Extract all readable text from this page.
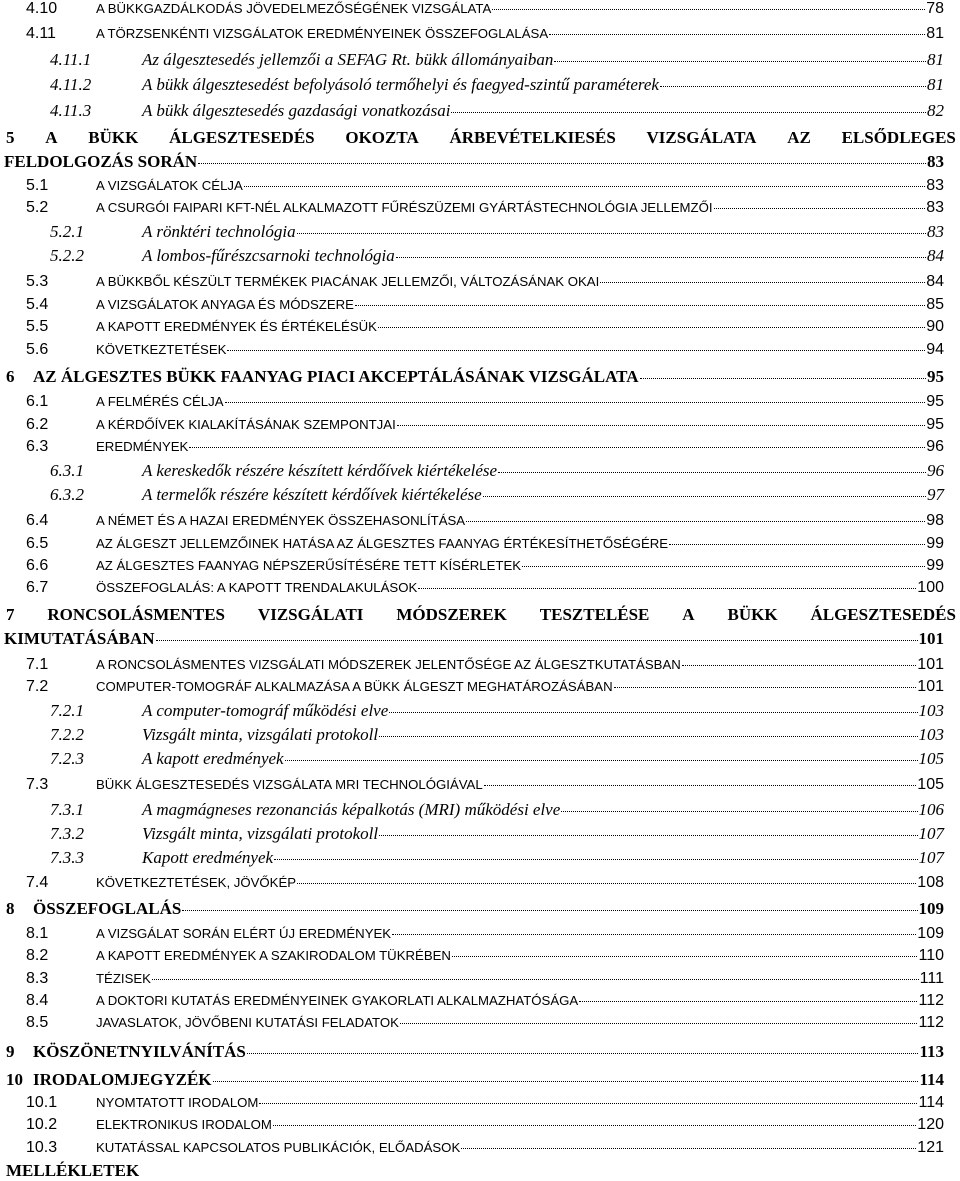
4.10	A BÜKKGAZDÁLKODÁS JÖVEDELMEZŐSÉGÉNEK VIZSGÁLATA	78
4.11	A TÖRZSENKÉNTI VIZSGÁLATOK EREDMÉNYEINEK ÖSSZEFOGLALÁSA	81
4.11.1	Az álgesztesedés jellemzői a SEFAG Rt. bükk állományaiban	81
4.11.2	A bükk álgesztesedést befolyásoló termőhelyi és faegyed-szintű paraméterek	81
4.11.3	A bükk álgesztesedés gazdasági vonatkozásai	82
5 A BÜKK ÁLGESZTESEDÉS OKOZTA ÁRBEVÉTELKIESÉS VIZSGÁLATA AZ ELSŐDLEGES
FELDOLGOZÁS SORÁN	83
5.1	A VIZSGÁLATOK CÉLJA	83
5.2	A CSURGÓI FAIPARI KFT-NÉL ALKALMAZOTT FŰRÉSZÜZEMI GYÁRTÁSTECHNOLÓGIA JELLEMZŐI	83
5.2.1	A rönktéri technológia	83
5.2.2	A lombos-fűrészcsarnoki technológia	84
5.3	A BÜKKBŐL KÉSZÜLT TERMÉKEK PIACÁNAK JELLEMZŐI, VÁLTOZÁSÁNAK OKAI	84
5.4	A VIZSGÁLATOK ANYAGA ÉS MÓDSZERE	85
5.5	A KAPOTT EREDMÉNYEK ÉS ÉRTÉKELÉSÜK	90
5.6	KÖVETKEZTETÉSEK	94
6	AZ ÁLGESZTES BÜKK FAANYAG PIACI AKCEPTÁLÁSÁNAK VIZSGÁLATA	95
6.1	A FELMÉRÉS CÉLJA	95
6.2	A KÉRDŐÍVEK KIALAKÍTÁSÁNAK SZEMPONTJAI	95
6.3	EREDMÉNYEK	96
6.3.1	A kereskedők részére készített kérdőívek kiértékelése	96
6.3.2	A termelők részére készített kérdőívek kiértékelése	97
6.4	A NÉMET ÉS A HAZAI EREDMÉNYEK ÖSSZEHASONLÍTÁSA	98
6.5	AZ ÁLGESZT JELLEMZŐINEK HATÁSA AZ ÁLGESZTES FAANYAG ÉRTÉKESÍTHETŐSÉGÉRE	99
6.6	AZ ÁLGESZTES FAANYAG NÉPSZERŰSÍTÉSÉRE TETT KÍSÉRLETEK	99
6.7	ÖSSZEFOGLALÁS: A KAPOTT TRENDALAKULÁSOK	100
7 RONCSOLÁSMENTES VIZSGÁLATI MÓDSZEREK TESZTELÉSE A BÜKK ÁLGESZTESEDÉS
KIMUTATÁSÁBAN	101
7.1	A RONCSOLÁSMENTES VIZSGÁLATI MÓDSZEREK JELENTŐSÉGE AZ ÁLGESZTKUTATÁSBAN	101
7.2	COMPUTER-TOMOGRÁF ALKALMAZÁSA A BÜKK ÁLGESZT MEGHATÁROZÁSÁBAN	101
7.2.1	A computer-tomográf működési elve	103
7.2.2	Vizsgált minta, vizsgálati protokoll	103
7.2.3	A kapott eredmények	105
7.3	BÜKK ÁLGESZTESEDÉS VIZSGÁLATA MRI TECHNOLÓGIÁVAL	105
7.3.1	A magmágneses rezonanciás képalkotás (MRI) működési elve	106
7.3.2	Vizsgált minta, vizsgálati protokoll	107
7.3.3	Kapott eredmények	107
7.4	KÖVETKEZTETÉSEK, JÖVŐKÉP	108
8	ÖSSZEFOGLALÁS	109
8.1	A VIZSGÁLAT SORÁN ELÉRT ÚJ EREDMÉNYEK	109
8.2	A KAPOTT EREDMÉNYEK A SZAKIRODALOM TÜKRÉBEN	110
8.3	TÉZISEK	111
8.4	A DOKTORI KUTATÁS EREDMÉNYEINEK GYAKORLATI ALKALMAZHATÓSÁGA	112
8.5	JAVASLATOK, JÖVŐBENI KUTATÁSI FELADATOK	112
9	KÖSZÖNETNYILVÁNÍTÁS	113
10 IRODALOMJEGYZÉK	114
10.1	NYOMTATOTT IRODALOM	114
10.2	ELEKTRONIKUS IRODALOM	120
10.3	KUTATÁSSAL KAPCSOLATOS PUBLIKÁCIÓK, ELŐADÁSOK	121
MELLÉKLETEK
